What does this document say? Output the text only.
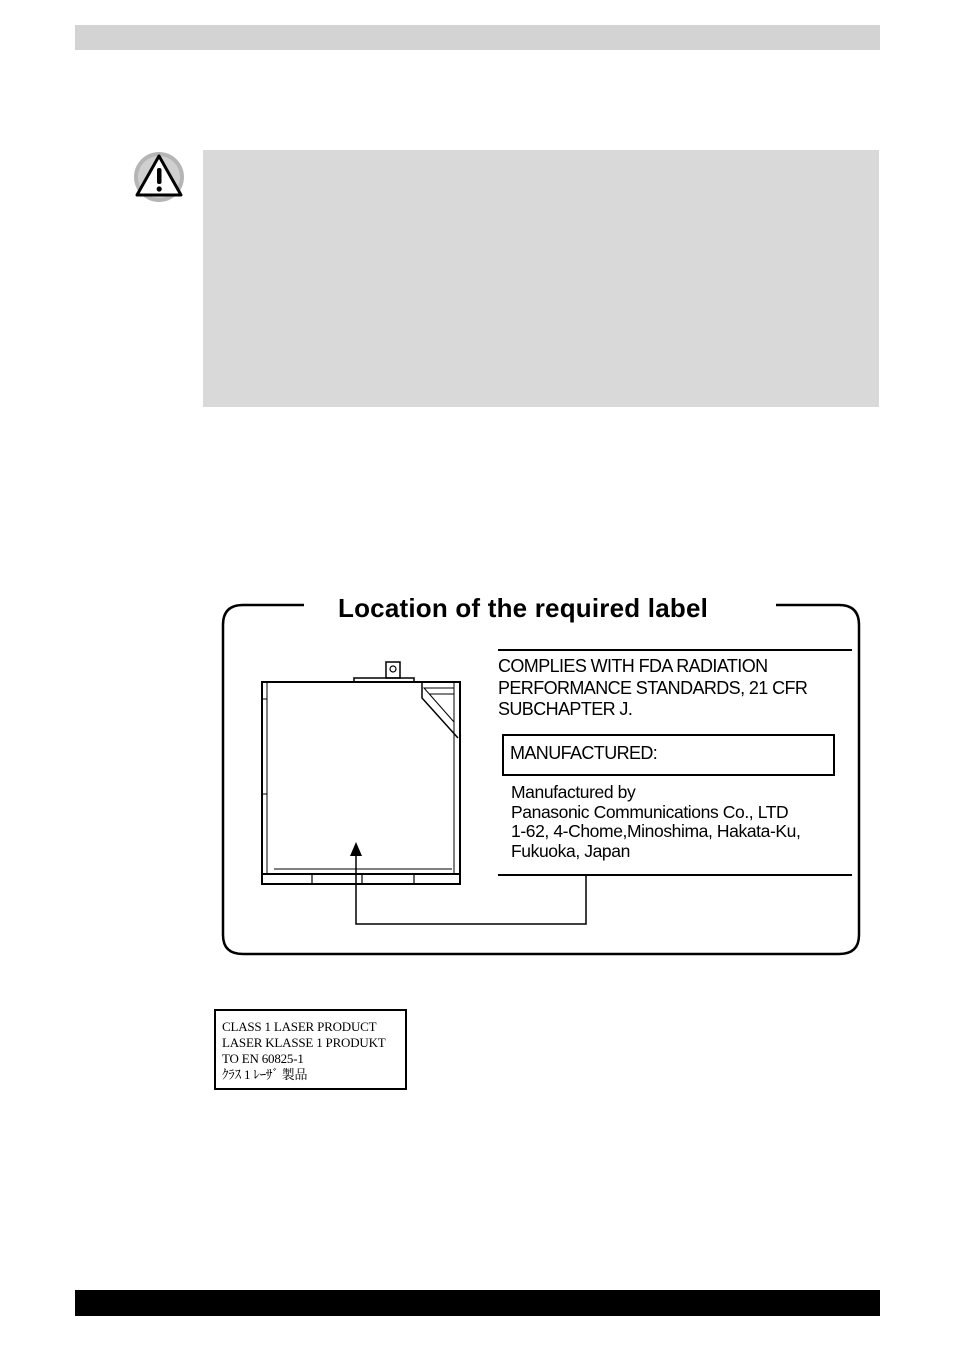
Location of the required label
COMPLIES WITH FDA RADIATION
PERFORMANCE STANDARDS, 21 CFR
SUBCHAPTER J.
MANUFACTURED:
Manufactured by
Panasonic Communications Co., LTD
1-62, 4-Chome,Minoshima, Hakata-Ku,
Fukuoka, Japan
CLASS 1 LASER PRODUCT
LASER KLASSE 1 PRODUKT
TO EN 60825-1
ｸﾗｽ 1 ﾚｰｻﾞ 製品
